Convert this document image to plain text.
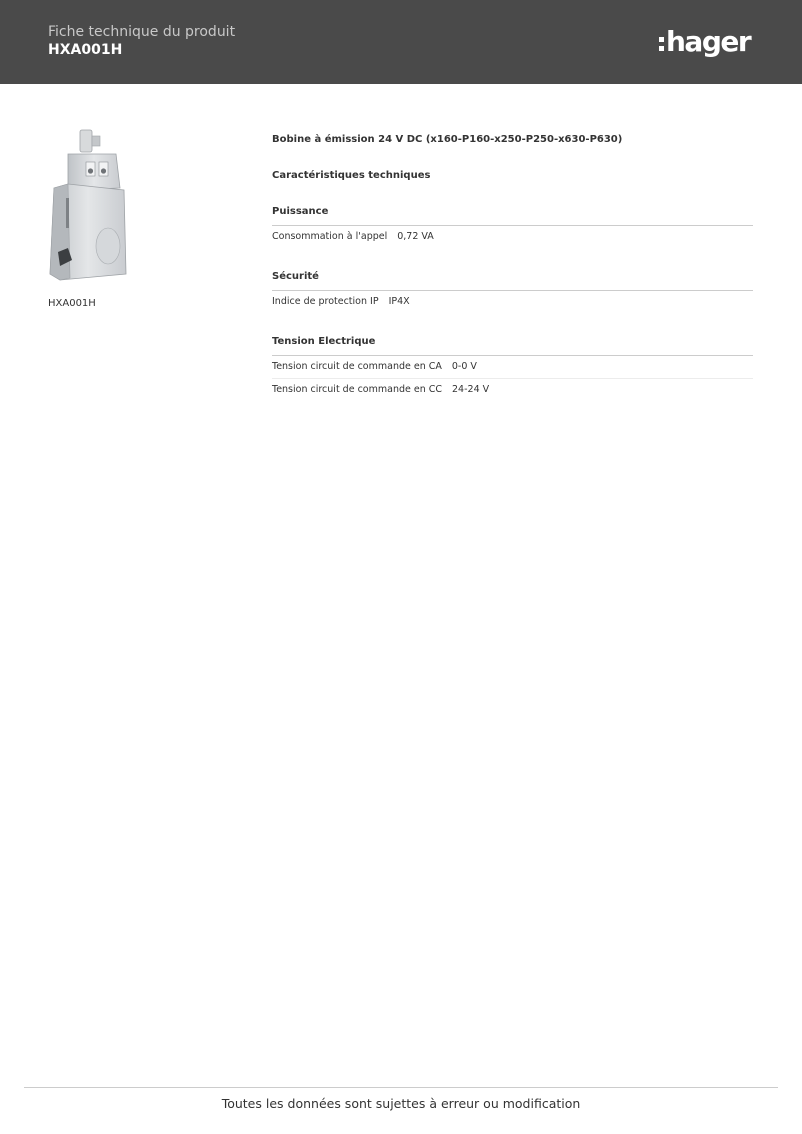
Fiche technique du produit
HXA001H	hager
HXA001H
Bobine à émission 24 V DC (x160-P160-x250-P250-x630-P630)
Caractéristiques techniques
Puissance
Consommation à l'appel 0,72 VA
Sécurité
Indice de protection IP IP4X
Tension Electrique
Tension circuit de commande en CA 0-0 V
Tension circuit de commande en CC 24-24 V
Toutes les données sont sujettes à erreur ou modification
